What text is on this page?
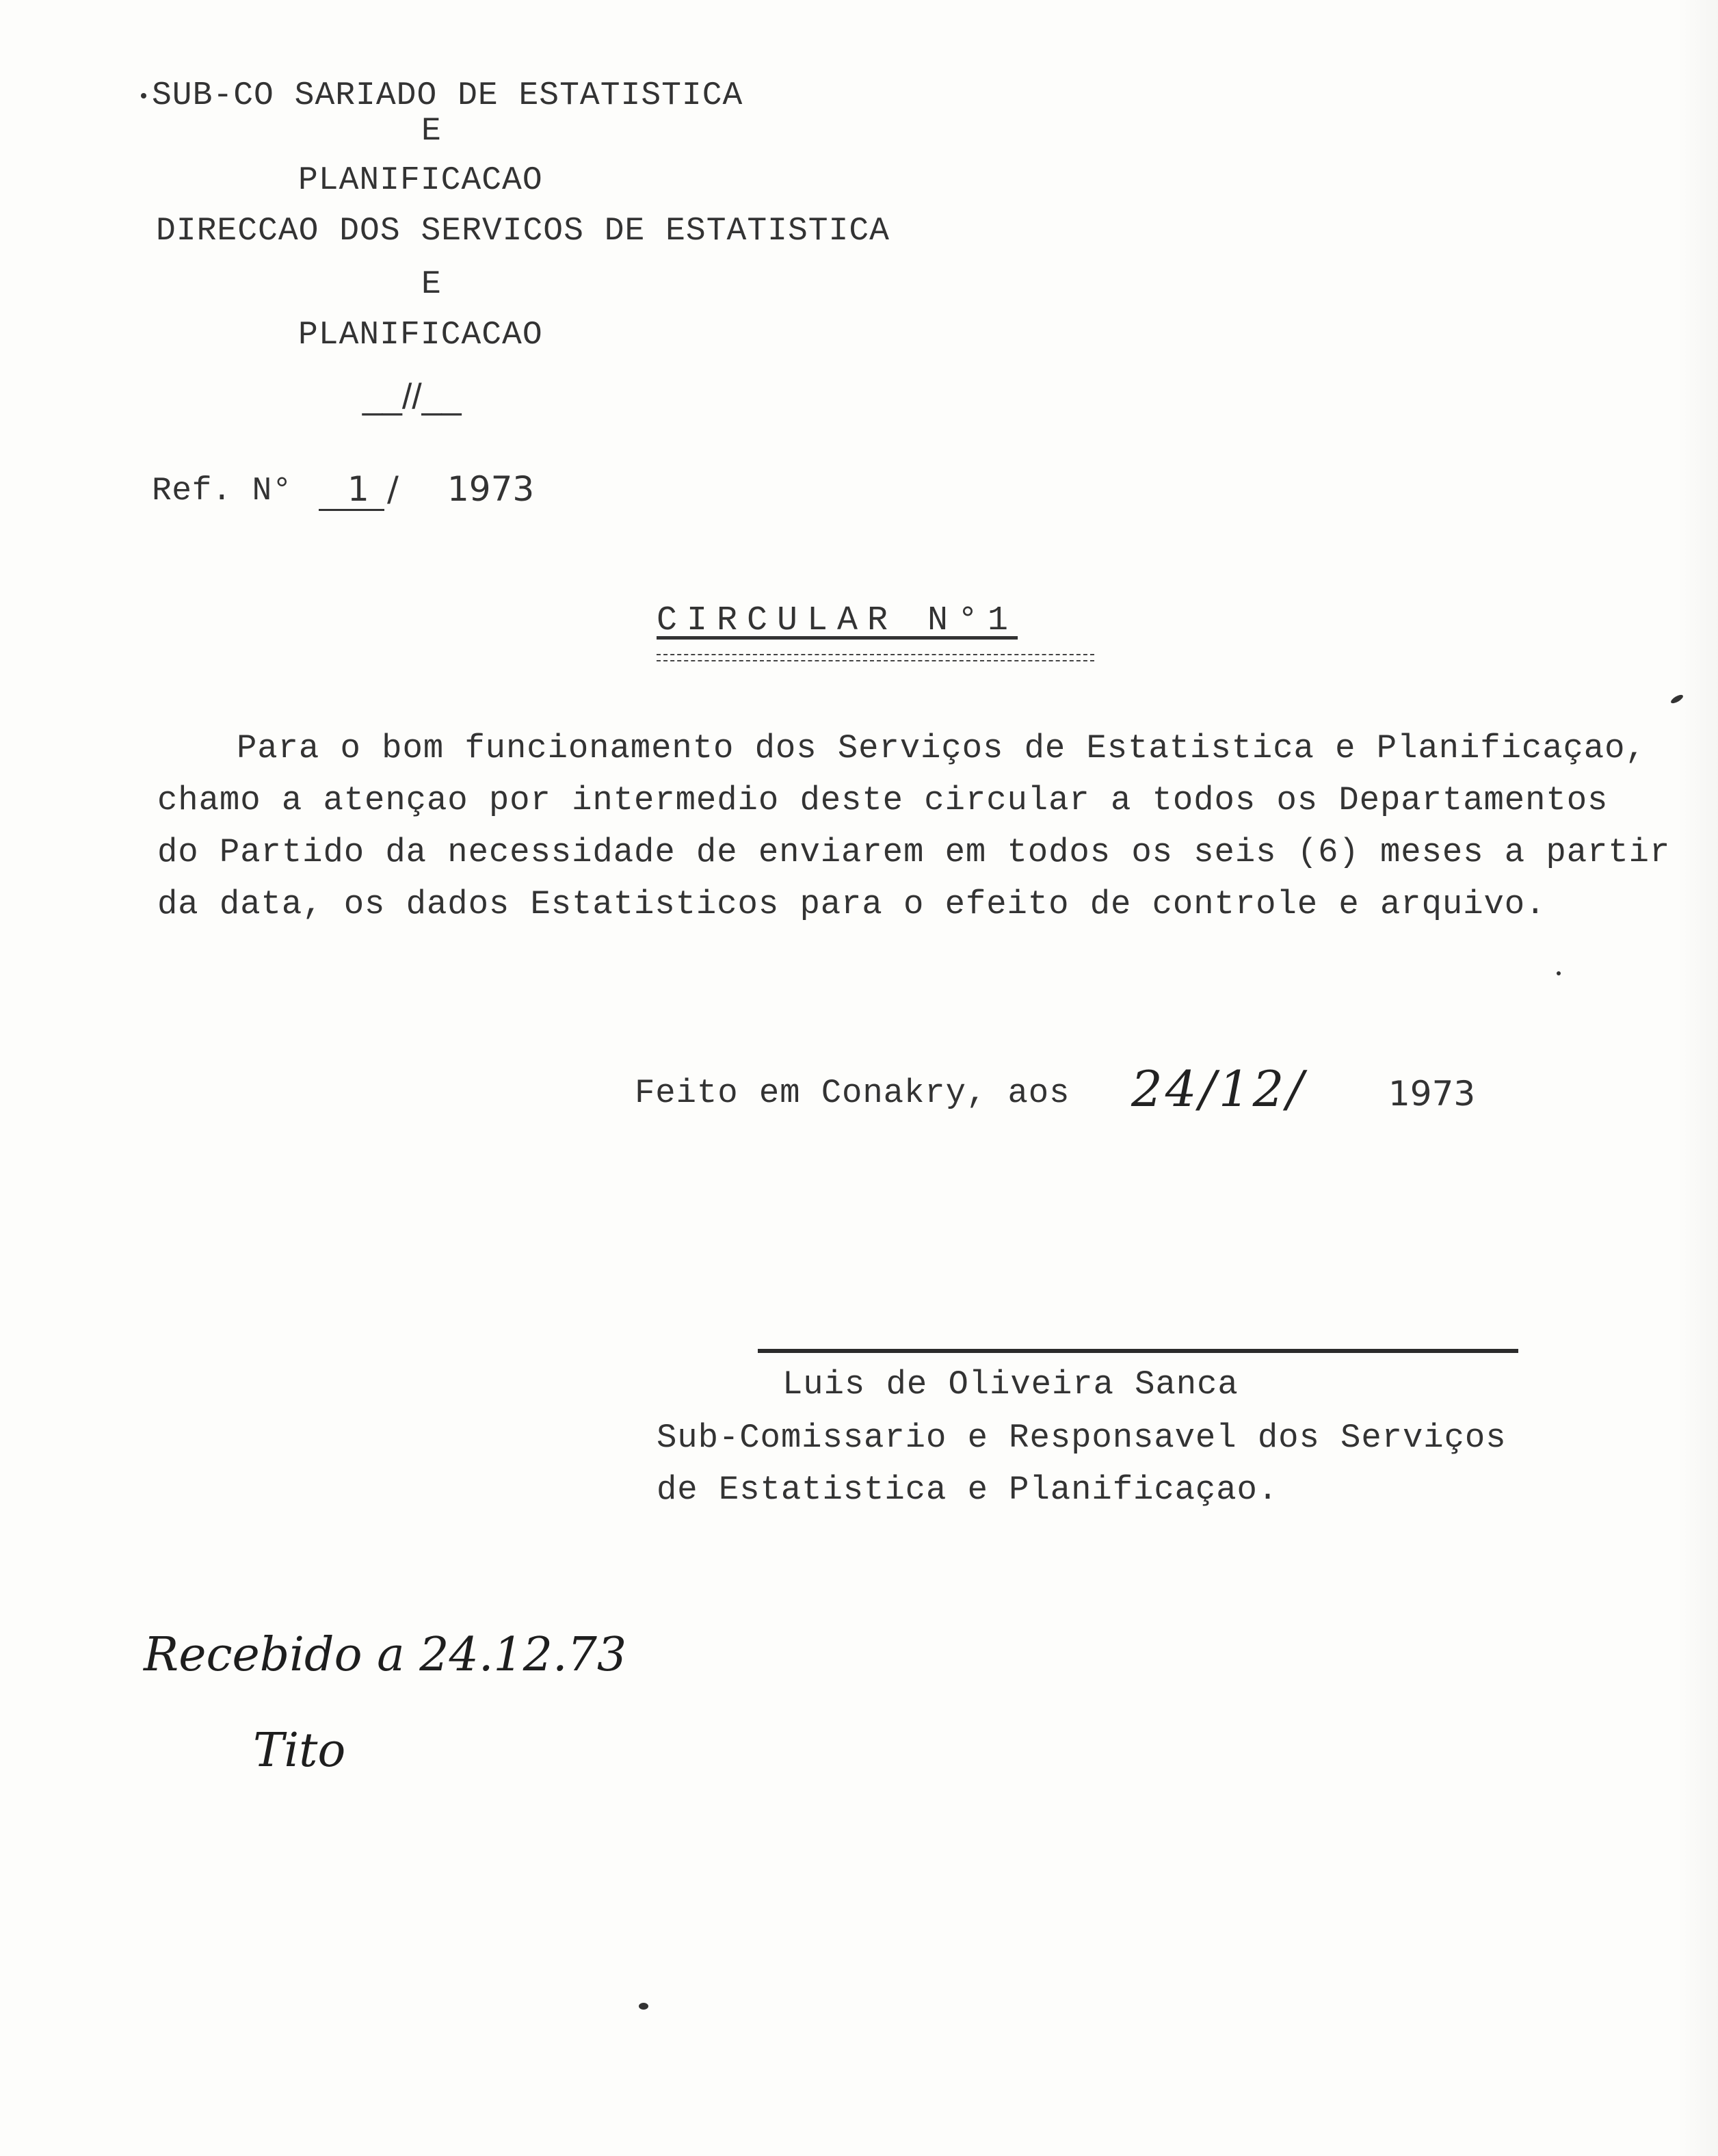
SUB-CO SARIADO DE ESTATISTICA
E
PLANIFICACAO
DIRECCAO DOS SERVICOS DE ESTATISTICA
E
PLANIFICACAO
__//__
Ref. N° 1 / 1973
CIRCULAR N°1
Para o bom funcionamento dos Serviços de Estatistica e Planificaçao,
chamo a atençao por intermedio deste circular a todos os Departamentos
do Partido da necessidade de enviarem em todos os seis (6) meses a partir
da data, os dados Estatisticos para o efeito de controle e arquivo.
Feito em Conakry, aos 24/12/ 1973
Luis de Oliveira Sanca
Sub-Comissario e Responsavel dos Serviços
de Estatistica e Planificaçao.
Recebido a 24.12.73
Tito
